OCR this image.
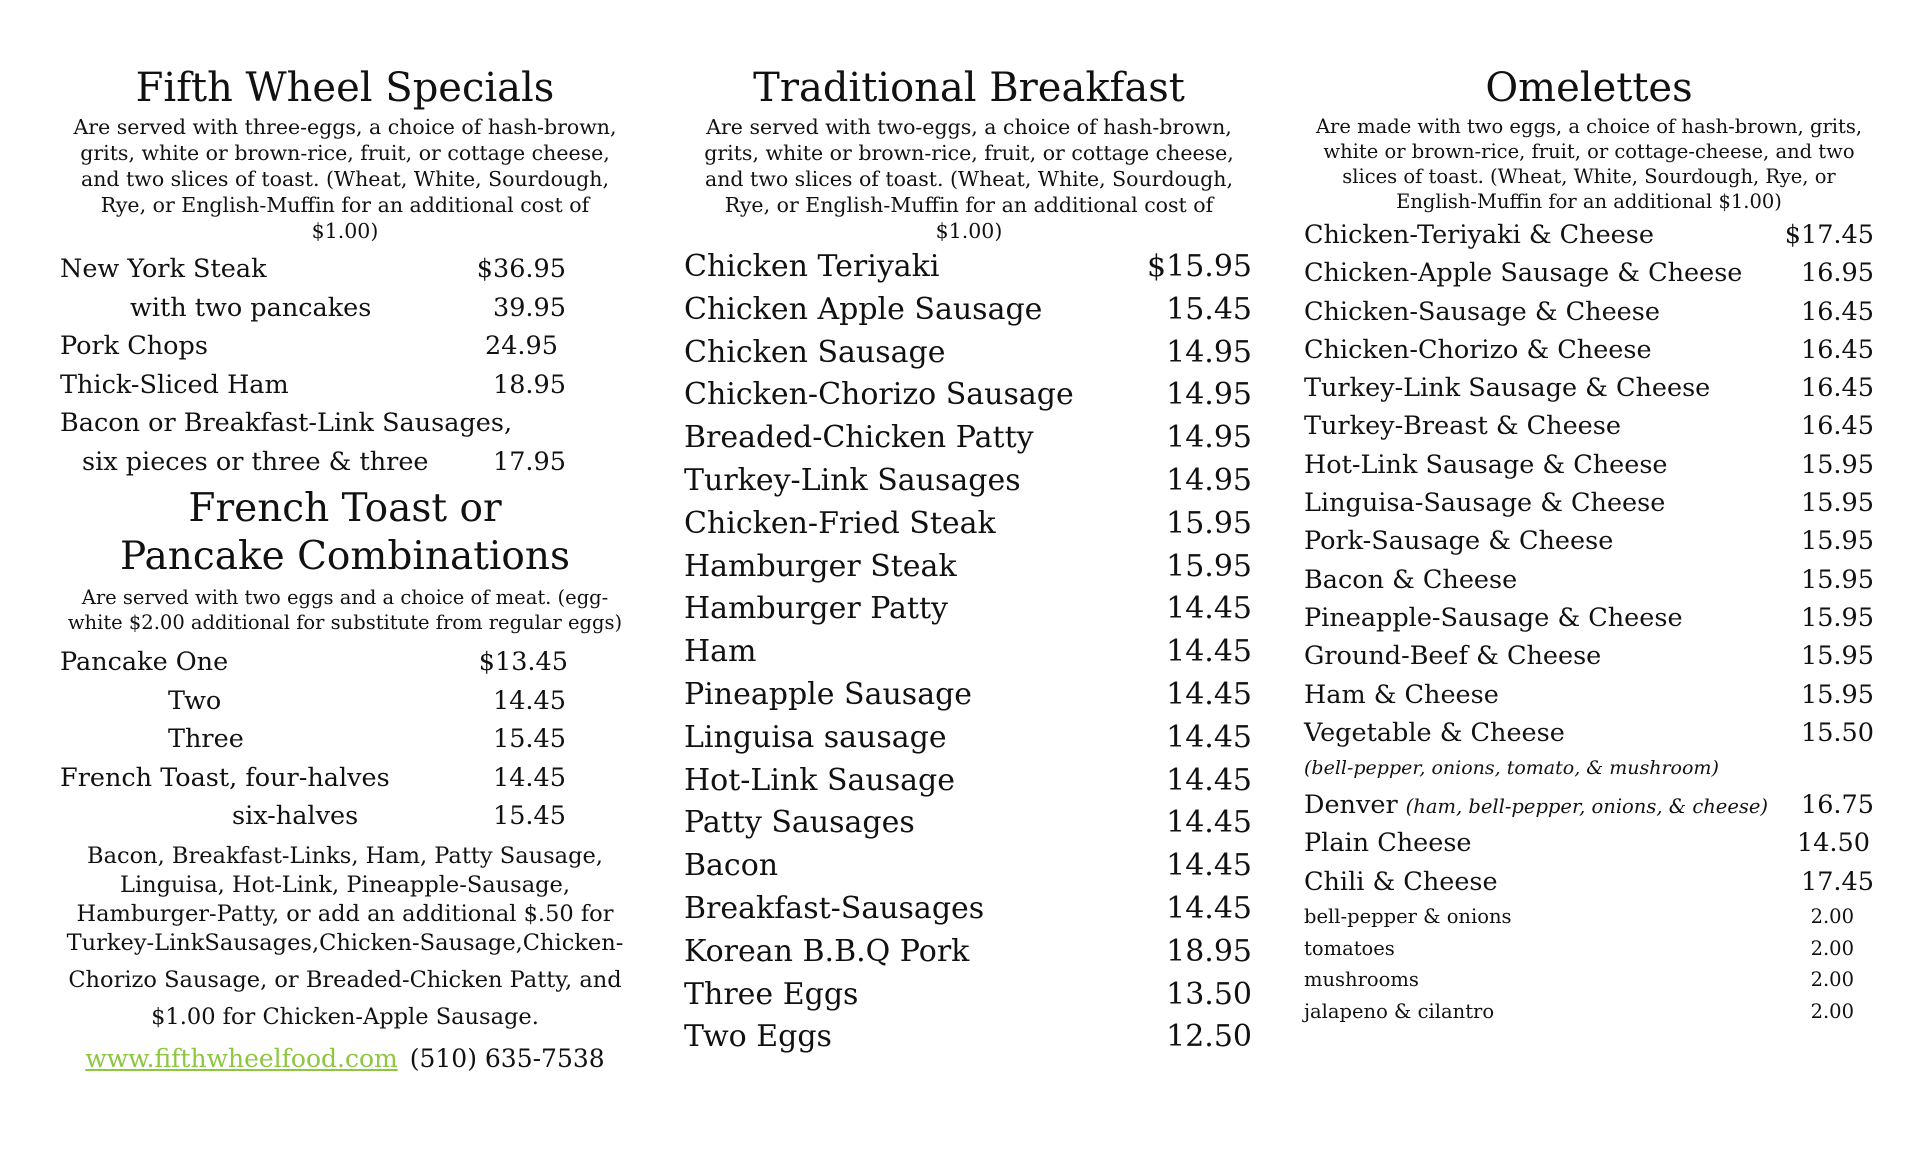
Fifth Wheel Specials

Are served with three-eggs, a choice of hash-brown, grits, white or brown-rice, fruit, or cottage cheese, and two slices of toast. (Wheat, White, Sourdough, Rye, or English-Muffin for an additional cost of $1.00)

New York Steak	$36.95
with two pancakes	39.95
Pork Chops	24.95
Thick-Sliced Ham	18.95
Bacon or Breakfast-Link Sausages,
six pieces or three & three	17.95
French Toast or
Pancake Combinations

Are served with two eggs and a choice of meat. (egg-white $2.00 additional for substitute from regular eggs)

Pancake One	$13.45
Two	14.45
Three	15.45
French Toast, four-halves	14.45
six-halves	15.45
Bacon, Breakfast-Links, Ham, Patty Sausage,
Linguisa, Hot-Link, Pineapple-Sausage,
Hamburger-Patty, or add an additional $.50 for
Turkey-LinkSausages,Chicken-Sausage,Chicken-
Chorizo Sausage, or Breaded-Chicken Patty, and
$1.00 for Chicken-Apple Sausage.
www.fifthwheelfood.com (510) 635-7538
Traditional Breakfast

Are served with two-eggs, a choice of hash-brown, grits, white or brown-rice, fruit, or cottage cheese, and two slices of toast. (Wheat, White, Sourdough, Rye, or English-Muffin for an additional cost of $1.00)

Chicken Teriyaki	$15.95
Chicken Apple Sausage	15.45
Chicken Sausage	14.95
Chicken-Chorizo Sausage	14.95
Breaded-Chicken Patty	14.95
Turkey-Link Sausages	14.95
Chicken-Fried Steak	15.95
Hamburger Steak	15.95
Hamburger Patty	14.45
Ham	14.45
Pineapple Sausage	14.45
Linguisa sausage	14.45
Hot-Link Sausage	14.45
Patty Sausages	14.45
Bacon	14.45
Breakfast-Sausages	14.45
Korean B.B.Q Pork	18.95
Three Eggs	13.50
Two Eggs	12.50
Omelettes

Are made with two eggs, a choice of hash-brown, grits, white or brown-rice, fruit, or cottage-cheese, and two slices of toast. (Wheat, White, Sourdough, Rye, or English-Muffin for an additional $1.00)

Chicken-Teriyaki & Cheese	$17.45
Chicken-Apple Sausage & Cheese 16.95
Chicken-Sausage & Cheese	16.45
Chicken-Chorizo & Cheese	16.45
Turkey-Link Sausage & Cheese	16.45
Turkey-Breast & Cheese	16.45
Hot-Link Sausage & Cheese	15.95
Linguisa-Sausage & Cheese	15.95
Pork-Sausage & Cheese	15.95
Bacon & Cheese	15.95
Pineapple-Sausage & Cheese	15.95
Ground-Beef & Cheese	15.95
Ham & Cheese	15.95
Vegetable & Cheese	15.50
(bell-pepper, onions, tomato, & mushroom)
Denver (ham, bell-pepper, onions, & cheese) 16.75
Plain Cheese	14.50
Chili & Cheese	17.45
bell-pepper & onions	2.00
tomatoes	2.00
mushrooms	2.00
jalapeno & cilantro	2.00
